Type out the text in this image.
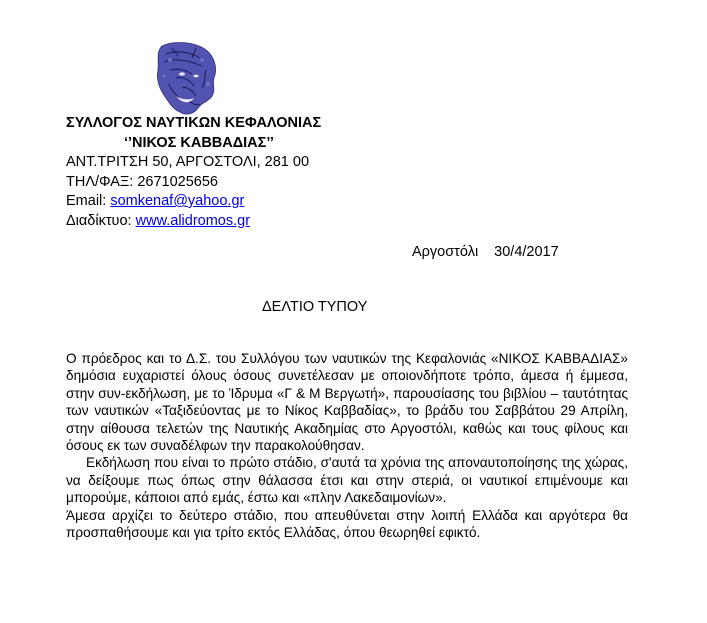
ΣΥΛΛΟΓΟΣ ΝΑΥΤΙΚΩΝ ΚΕΦΑΛΟΝΙΑΣ
‘’ΝΙΚΟΣ ΚΑΒΒΑΔΙΑΣ’’
ΑΝΤ.ΤΡΙΤΣΗ 50, ΑΡΓΟΣΤΟΛΙ, 281 00
ΤΗΛ/ΦΑΞ: 2671025656
Email: somkenaf@yahoo.gr
Διαδίκτυο: www.alidromos.gr
Αργοστόλι 30/4/2017
ΔΕΛΤΙΟ ΤΥΠΟΥ

Ο πρόεδρος και το Δ.Σ. του Συλλόγου των ναυτικών της Κεφαλονιάς «ΝΙΚΟΣ ΚΑΒΒΑΔΙΑΣ» δημόσια ευχαριστεί όλους όσους συνετέλεσαν με οποιονδήποτε τρόπο, άμεσα ή έμμεσα, στην συν-εκδήλωση, με το Ίδρυμα «Γ & Μ Βεργωτή», παρουσίασης του βιβλίου – ταυτότητας των ναυτικών «Ταξιδεύοντας με το Νίκος Καββαδίας», το βράδυ του Σαββάτου 29 Απρίλη, στην αίθουσα τελετών της Ναυτικής Ακαδημίας στο Αργοστόλι, καθώς και τους φίλους και όσους εκ των συναδέλφων την παρακολούθησαν.

Εκδήλωση που είναι το πρώτο στάδιο, σ'αυτά τα χρόνια της απoναυτοποίησης της χώρας, να δείξουμε πως όπως στην θάλασσα έτσι και στην στεριά, οι ναυτικοί επιμένουμε και μπορούμε, κάποιοι από εμάς, έστω και «πλην Λακεδαιμονίων».

Άμεσα αρχίζει το δεύτερο στάδιο, που απευθύνεται στην λοιπή Ελλάδα και αργότερα θα προσπαθήσουμε και για τρίτο εκτός Ελλάδας, όπου θεωρηθεί εφικτό.
